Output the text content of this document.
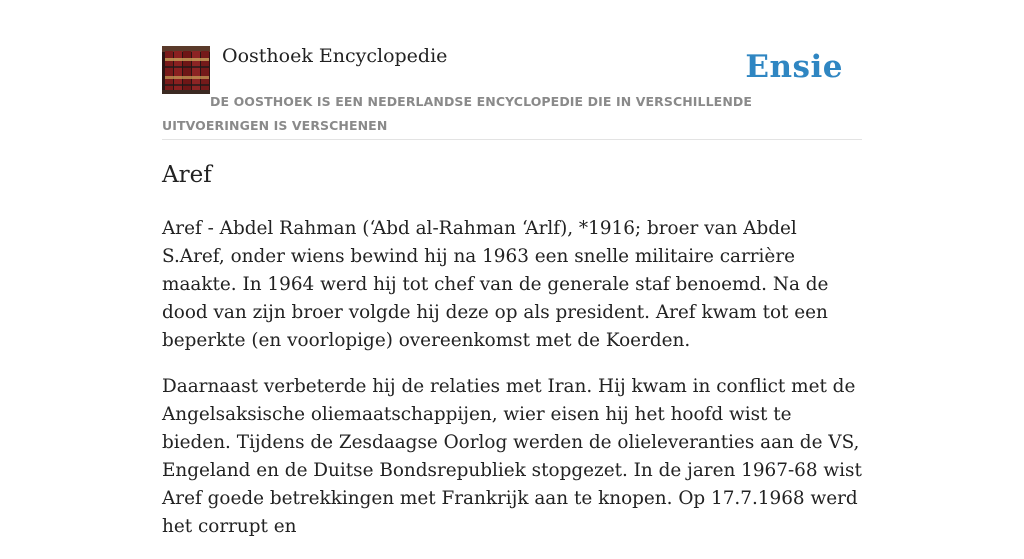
Oosthoek Encyclopedie	Ensie
DE OOSTHOEK IS EEN NEDERLANDSE ENCYCLOPEDIE DIE IN VERSCHILLENDE UITVOERINGEN IS VERSCHENEN
Aref

Aref - Abdel Rahman (‘Abd al-Rahman ‘Arlf), *1916; broer van Abdel S.Aref, onder wiens bewind hij na 1963 een snelle militaire carrière maakte. In 1964 werd hij tot chef van de generale staf benoemd. Na de dood van zijn broer volgde hij deze op als president. Aref kwam tot een beperkte (en voorlopige) overeenkomst met de Koerden.

Daarnaast verbeterde hij de relaties met Iran. Hij kwam in conflict met de Angelsaksische oliemaatschappijen, wier eisen hij het hoofd wist te bieden. Tijdens de Zesdaagse Oorlog werden de olieleveranties aan de VS, Engeland en de Duitse Bondsrepubliek stopgezet. In de jaren 1967-68 wist Aref goede betrekkingen met Frankrijk aan te knopen. Op 17.7.1968 werd het corrupt en
